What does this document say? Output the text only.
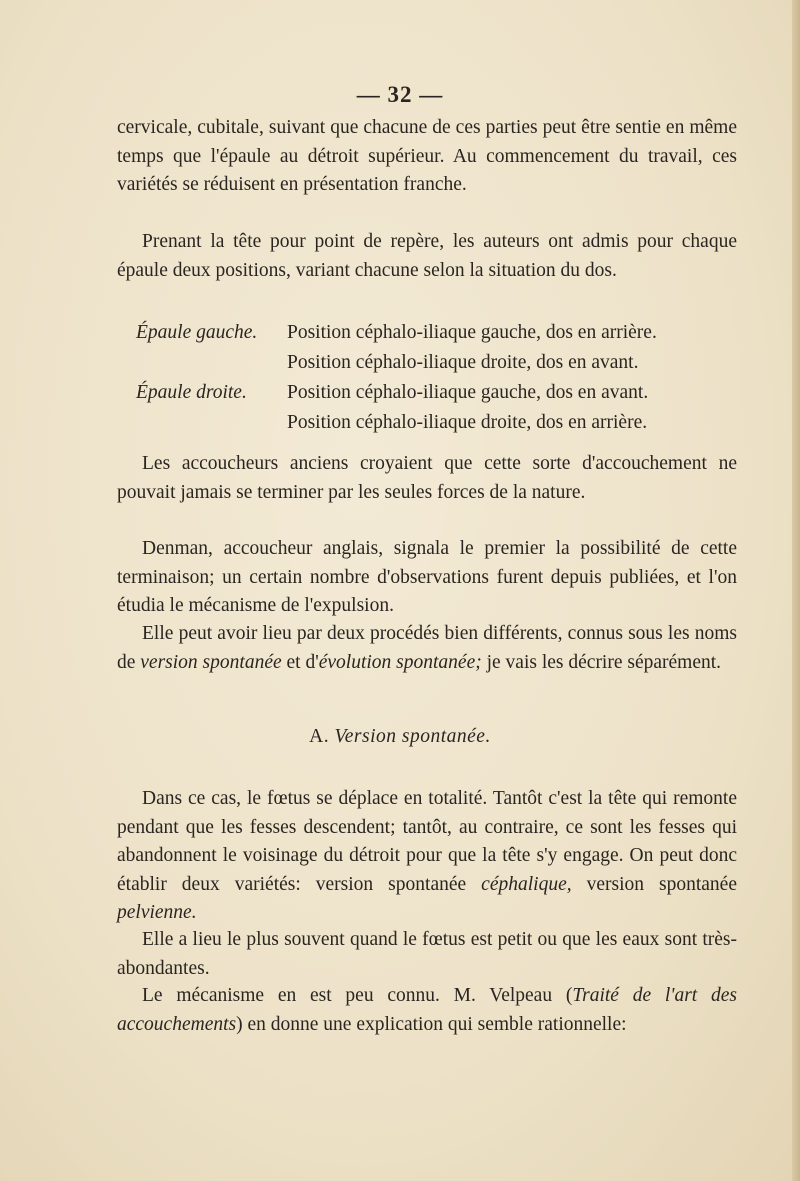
— 32 —
cervicale, cubitale, suivant que chacune de ces parties peut être sentie en même temps que l'épaule au détroit supérieur. Au commencement du travail, ces variétés se réduisent en présentation franche.
Prenant la tête pour point de repère, les auteurs ont admis pour chaque épaule deux positions, variant chacune selon la situation du dos.
Épaule gauche. Position céphalo-iliaque gauche, dos en arrière.
Position céphalo-iliaque droite, dos en avant.
Épaule droite. Position céphalo-iliaque gauche, dos en avant.
Position céphalo-iliaque droite, dos en arrière.
Les accoucheurs anciens croyaient que cette sorte d'accouchement ne pouvait jamais se terminer par les seules forces de la nature.
Denman, accoucheur anglais, signala le premier la possibilité de cette terminaison; un certain nombre d'observations furent depuis publiées, et l'on étudia le mécanisme de l'expulsion.
Elle peut avoir lieu par deux procédés bien différents, connus sous les noms de version spontanée et d'évolution spontanée; je vais les décrire séparément.
A. Version spontanée.
Dans ce cas, le fœtus se déplace en totalité. Tantôt c'est la tête qui remonte pendant que les fesses descendent; tantôt, au contraire, ce sont les fesses qui abandonnent le voisinage du détroit pour que la tête s'y engage. On peut donc établir deux variétés: version spontanée céphalique, version spontanée pelvienne.
Elle a lieu le plus souvent quand le fœtus est petit ou que les eaux sont très-abondantes.
Le mécanisme en est peu connu. M. Velpeau (Traité de l'art des accouchements) en donne une explication qui semble rationnelle:
